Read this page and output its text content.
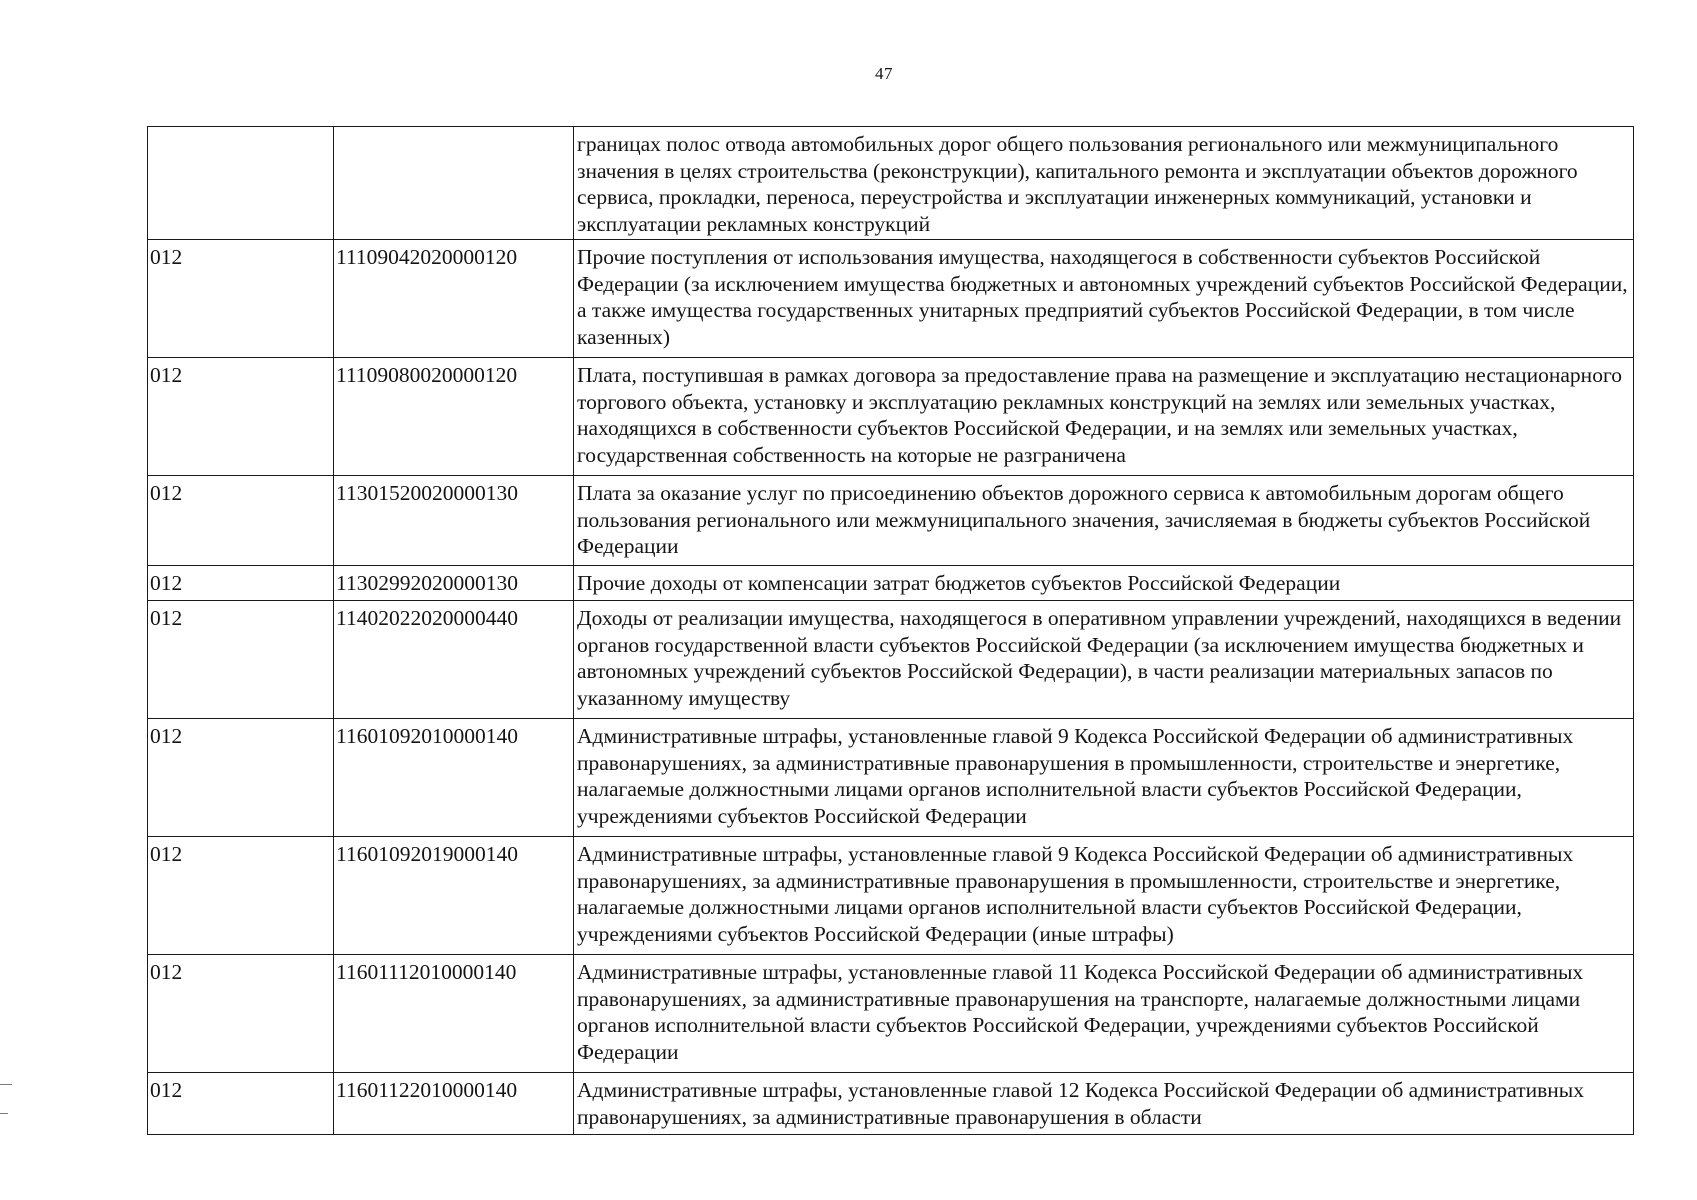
47
		границах полос отвода автомобильных дорог общего пользования регионального или межмуниципального значения в целях строительства (реконструкции), капитального ремонта и эксплуатации объектов дорожного сервиса, прокладки, переноса, переустройства и эксплуатации инженерных коммуникаций, установки и эксплуатации рекламных конструкций
012	11109042020000120	Прочие поступления от использования имущества, находящегося в собственности субъектов Российской Федерации (за исключением имущества бюджетных и автономных учреждений субъектов Российской Федерации, а также имущества государственных унитарных предприятий субъектов Российской Федерации, в том числе казенных)
012	11109080020000120	Плата, поступившая в рамках договора за предоставление права на размещение и эксплуатацию нестационарного торгового объекта, установку и эксплуатацию рекламных конструкций на землях или земельных участках, находящихся в собственности субъектов Российской Федерации, и на землях или земельных участках, государственная собственность на которые не разграничена
012	11301520020000130	Плата за оказание услуг по присоединению объектов дорожного сервиса к автомобильным дорогам общего пользования регионального или межмуниципального значения, зачисляемая в бюджеты субъектов Российской Федерации
012	11302992020000130	Прочие доходы от компенсации затрат бюджетов субъектов Российской Федерации
012	11402022020000440	Доходы от реализации имущества, находящегося в оперативном управлении учреждений, находящихся в ведении органов государственной власти субъектов Российской Федерации (за исключением имущества бюджетных и автономных учреждений субъектов Российской Федерации), в части реализации материальных запасов по указанному имуществу
012	11601092010000140	Административные штрафы, установленные главой 9 Кодекса Российской Федерации об административных правонарушениях, за административные правонарушения в промышленности, строительстве и энергетике, налагаемые должностными лицами органов исполнительной власти субъектов Российской Федерации, учреждениями субъектов Российской Федерации
012	11601092019000140	Административные штрафы, установленные главой 9 Кодекса Российской Федерации об административных правонарушениях, за административные правонарушения в промышленности, строительстве и энергетике, налагаемые должностными лицами органов исполнительной власти субъектов Российской Федерации, учреждениями субъектов Российской Федерации (иные штрафы)
012	11601112010000140	Административные штрафы, установленные главой 11 Кодекса Российской Федерации об административных правонарушениях, за административные правонарушения на транспорте, налагаемые должностными лицами органов исполнительной власти субъектов Российской Федерации, учреждениями субъектов Российской Федерации
012	11601122010000140	Административные штрафы, установленные главой 12 Кодекса Российской Федерации об административных правонарушениях, за административные правонарушения в области
